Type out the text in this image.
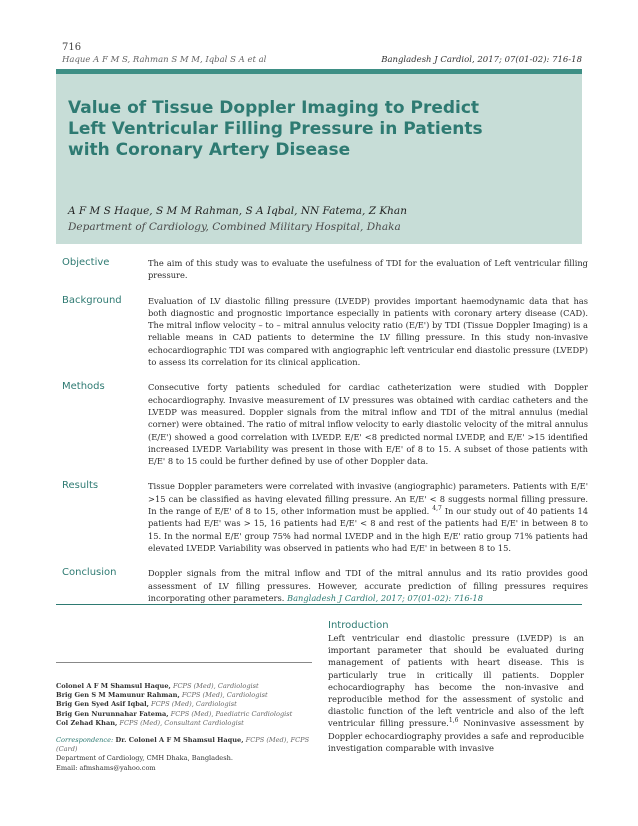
716
Haque A F M S, Rahman S M M, Iqbal S A et al	Bangladesh J Cardiol, 2017; 07(01-02): 716-18
Value of Tissue Doppler Imaging to Predict Left Ventricular Filling Pressure in Patients with Coronary Artery Disease
A F M S Haque, S M M Rahman, S A Iqbal, NN Fatema, Z Khan
Department of Cardiology, Combined Military Hospital, Dhaka
Objective	The aim of this study was to evaluate the usefulness of TDI for the evaluation of Left ventricular filling pressure.
Background	Evaluation of LV diastolic filling pressure (LVEDP) provides important haemodynamic data that has both diagnostic and prognostic importance especially in patients with coronary artery disease (CAD). The mitral inflow velocity – to – mitral annulus velocity ratio (E/E') by TDI (Tissue Doppler Imaging) is a reliable means in CAD patients to determine the LV filling pressure. In this study non-invasive echocardiographic TDI was compared with angiographic left ventricular end diastolic pressure (LVEDP) to assess its correlation for its clinical application.
Methods	Consecutive forty patients scheduled for cardiac catheterization were studied with Doppler echocardiography. Invasive measurement of LV pressures was obtained with cardiac catheters and the LVEDP was measured. Doppler signals from the mitral inflow and TDI of the mitral annulus (medial corner) were obtained. The ratio of mitral inflow velocity to early diastolic velocity of the mitral annulus (E/E') showed a good correlation with LVEDP. E/E' <8 predicted normal LVEDP, and E/E' >15 identified increased LVEDP. Variability was present in those with E/E' of 8 to 15. A subset of those patients with E/E' 8 to 15 could be further defined by use of other Doppler data.
Results	Tissue Doppler parameters were correlated with invasive (angiographic) parameters. Patients with E/E' >15 can be classified as having elevated filling pressure. An E/E' < 8 suggests normal filling pressure. In the range of E/E' of 8 to 15, other information must be applied. $^{4,7}$ In our study out of 40 patients 14 patients had E/E' was > 15, 16 patients had E/E' < 8 and rest of the patients had E/E' in between 8 to 15. In the normal E/E' group 75% had normal LVEDP and in the high E/E' ratio group 71% patients had elevated LVEDP. Variability was observed in patients who had E/E' in between 8 to 15.
Conclusion	Doppler signals from the mitral inflow and TDI of the mitral annulus and its ratio provides good assessment of LV filling pressures. However, accurate prediction of filling pressures requires incorporating other parameters. Bangladesh J Cardiol, 2017; 07(01-02): 716-18

Colonel A F M Shamsul Haque, FCPS (Med), Cardiologist

Brig Gen S M Mamunur Rahman, FCPS (Med), Cardiologist

Brig Gen Syed Asif Iqbal, FCPS (Med), Cardiologist

Brig Gen Nurunnahar Fatema, FCPS (Med), Paediatric Cardiologist

Col Zehad Khan, FCPS (Med), Consultant Cardiologist

Correspondence: Dr. Colonel A F M Shamsul Haque, FCPS (Med), FCPS (Card)

Department of Cardiology, CMH Dhaka, Bangladesh.

Email: afmshams@yahoo.com

Introduction
Left ventricular end diastolic pressure (LVEDP) is an important parameter that should be evaluated during management of patients with heart disease. This is particularly true in critically ill patients. Doppler echocardiography has become the non-invasive and reproducible method for the assessment of systolic and diastolic function of the left ventricle and also of the left ventricular filling pressure.$^{1,6}$ Noninvasive assessment by Doppler echocardiography provides a safe and reproducible investigation comparable with invasive
